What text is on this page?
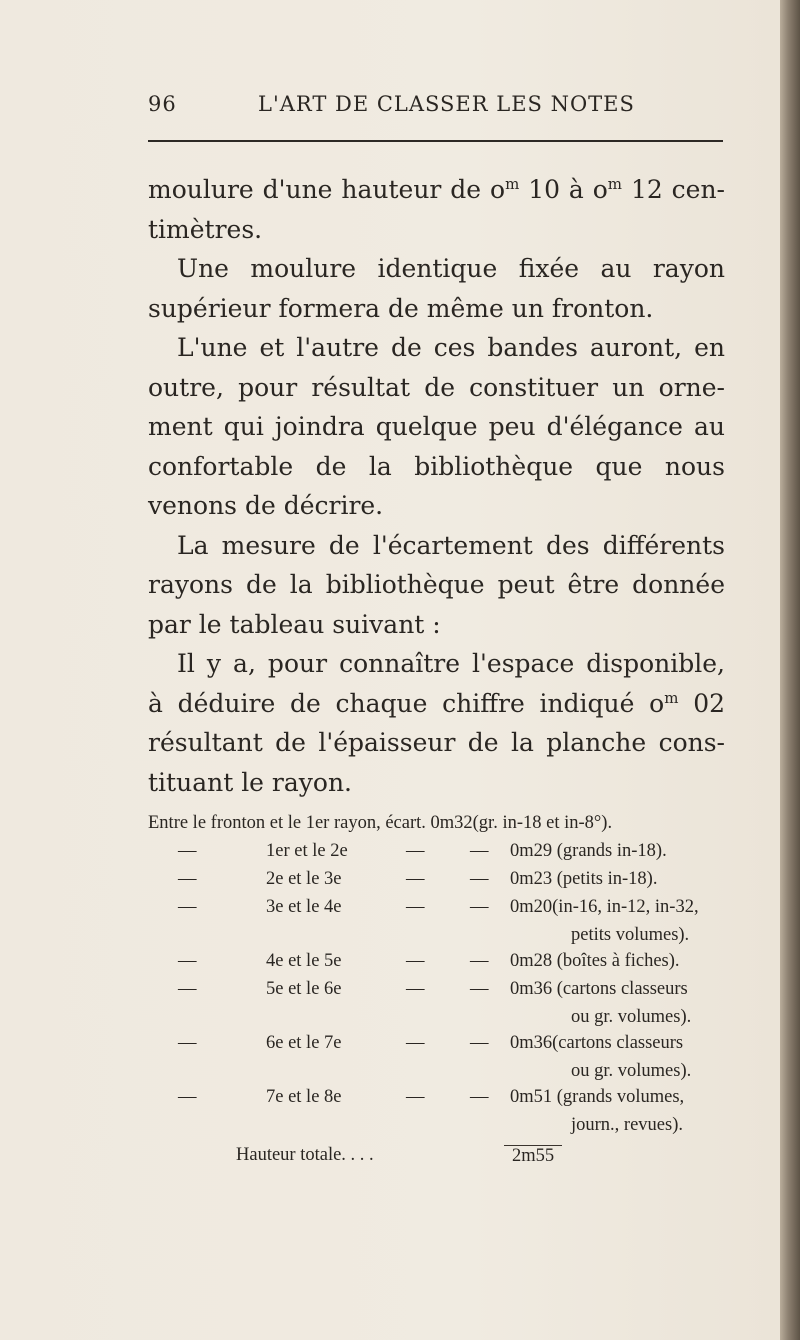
96	L'ART DE CLASSER LES NOTES
moulure d'une hauteur de $o^m$ 10 à $o^m$ 12 cen-
timètres.
Une moulure identique fixée au rayon
supérieur formera de même un fronton.
L'une et l'autre de ces bandes auront, en
outre, pour résultat de constituer un orne-
ment qui joindra quelque peu d'élégance au
confortable de la bibliothèque que nous
venons de décrire.
La mesure de l'écartement des différents
rayons de la bibliothèque peut être donnée
par le tableau suivant :
Il y a, pour connaître l'espace disponible,
à déduire de chaque chiffre indiqué $o^m$ 02
résultant de l'épaisseur de la planche cons-
tituant le rayon.
Entre le fronton et le 1er rayon, écart. 0m32(gr. in-18 et in-8°).
—	1er et le 2e	— — 0m29 (grands in-18).
—	2e et le 3e	— — 0m23 (petits in-18).
—	3e et le 4e	— — 0m20(in-16, in-12, in-32,
petits volumes).
—	4e et le 5e	— — 0m28 (boîtes à fiches).
—	5e et le 6e	— — 0m36 (cartons classeurs
ou gr. volumes).
—	6e et le 7e	— — 0m36(cartons classeurs
ou gr. volumes).
—	7e et le 8e	— — 0m51 (grands volumes,
journ., revues).
Hauteur totale. . . .	2m55
